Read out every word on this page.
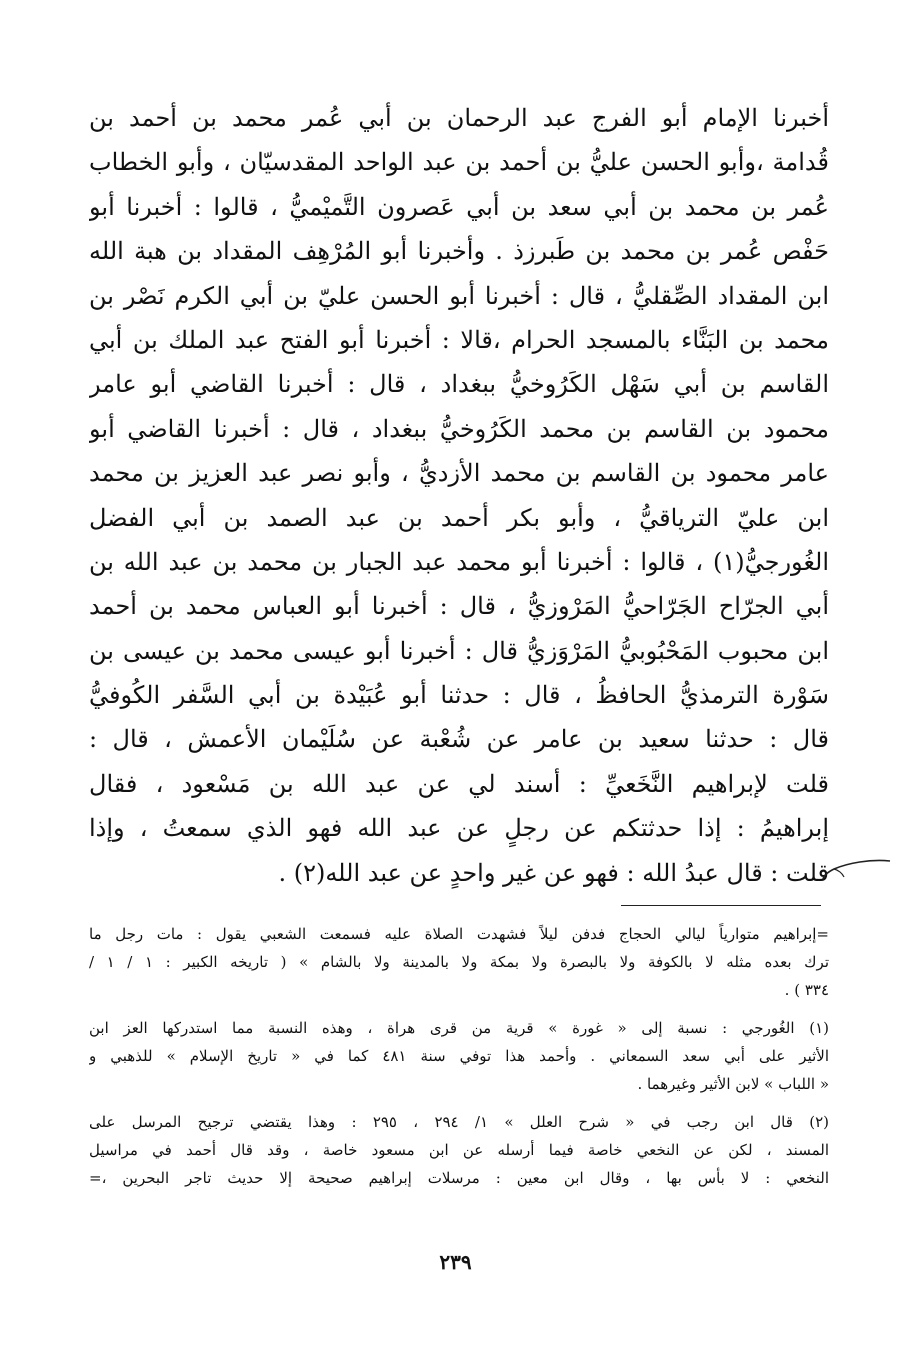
أخبرنا الإمام أبو الفرج عبد الرحمان بن أبي عُمر محمد بن أحمد بن
قُدامة ،وأبو الحسن عليُّ بن أحمد بن عبد الواحد المقدسيّان ، وأبو الخطاب
عُمر بن محمد بن أبي سعد بن أبي عَصرون التَّميْميُّ ، قالوا : أخبرنا أبو
حَفْص عُمر بن محمد بن طَبرزذ . وأخبرنا أبو المُرْهِف المقداد بن هبة الله
ابن المقداد الصِّقليُّ ، قال : أخبرنا أبو الحسن عليّ بن أبي الكرم نَصْر بن
محمد بن البَنَّاء بالمسجد الحرام ،قالا : أخبرنا أبو الفتح عبد الملك بن أبي
القاسم بن أبي سَهْل الكَرُوخيُّ ببغداد ، قال : أخبرنا القاضي أبو عامر
محمود بن القاسم بن محمد الكَرُوخيُّ ببغداد ، قال : أخبرنا القاضي أبو
عامر محمود بن القاسم بن محمد الأزديُّ ، وأبو نصر عبد العزيز بن محمد
ابن عليّ الترياقيُّ ، وأبو بكر أحمد بن عبد الصمد بن أبي الفضل
الغُورجيُّ(١) ، قالوا : أخبرنا أبو محمد عبد الجبار بن محمد بن عبد الله بن
أبي الجرّاح الجَرّاحيُّ المَرْوزيُّ ، قال : أخبرنا أبو العباس محمد بن أحمد
ابن محبوب المَحْبُوبيُّ المَرْوَزيُّ قال : أخبرنا أبو عيسى محمد بن عيسى بن
سَوْرة الترمذيُّ الحافظُ ، قال : حدثنا أبو عُبَيْدة بن أبي السَّفر الكُوفيُّ
قال : حدثنا سعيد بن عامر عن شُعْبة عن سُلَيْمان الأعمش ، قال :
قلت لإبراهيم النَّخَعيِّ : أسند لي عن عبد الله بن مَسْعود ، فقال
إبراهيمُ : إذا حدثتكم عن رجلٍ عن عبد الله فهو الذي سمعتُ ، وإذا
قلت : قال عبدُ الله : فهو عن غير واحدٍ عن عبد الله(٢) .
=إبراهيم متوارياً ليالي الحجاج فدفن ليلاً فشهدت الصلاة عليه فسمعت الشعبي يقول : مات رجل ما
ترك بعده مثله لا بالكوفة ولا بالبصرة ولا بمكة ولا بالمدينة ولا بالشام » ( تاريخه الكبير : ١ / ١ /
٣٣٤ ) .
(١) الغُورجي : نسبة إلى « غورة » قرية من قرى هراة ، وهذه النسبة مما استدركها العز ابن
الأثير على أبي سعد السمعاني . وأحمد هذا توفي سنة ٤٨١ كما في « تاريخ الإسلام » للذهبي و
« اللباب » لابن الأثير وغيرهما .
(٢) قال ابن رجب في « شرح العلل » ١/ ٢٩٤ ، ٢٩٥ : وهذا يقتضي ترجيح المرسل على
المسند ، لكن عن النخعي خاصة فيما أرسله عن ابن مسعود خاصة ، وقد قال أحمد في مراسيل
النخعي : لا بأس بها ، وقال ابن معين : مرسلات إبراهيم صحيحة إلا حديث تاجر البحرين ،=
٢٣٩
